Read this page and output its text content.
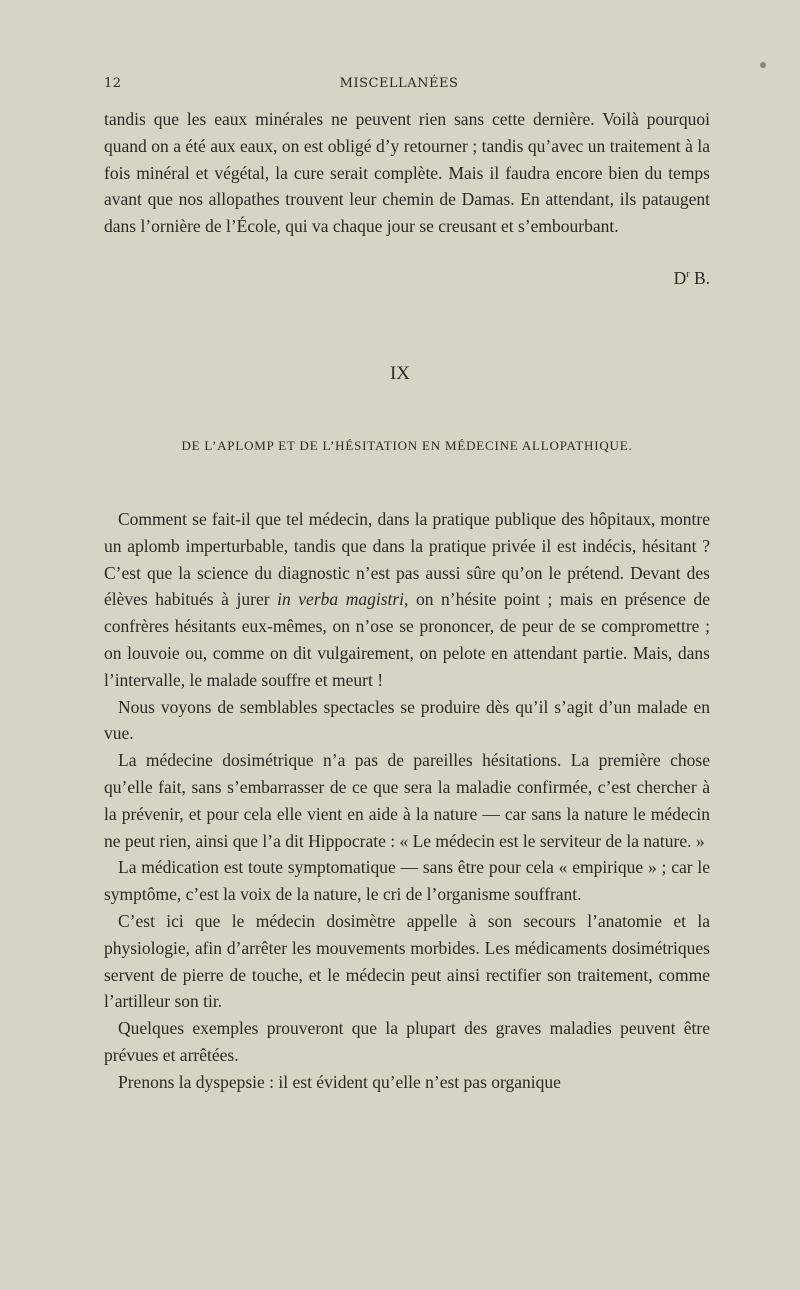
12	MISCELLANÉES

tandis que les eaux minérales ne peuvent rien sans cette dernière. Voilà pourquoi quand on a été aux eaux, on est obligé d’y retourner ; tandis qu’avec un traitement à la fois minéral et végétal, la cure serait complète. Mais il faudra encore bien du temps avant que nos allopathes trouvent leur chemin de Damas. En attendant, ils pataugent dans l’ornière de l’École, qui va chaque jour se creusant et s’embourbant.

$D^r$ B.
IX
DE L’APLOMP ET DE L’HÉSITATION EN MÉDECINE ALLOPATHIQUE.

Comment se fait-il que tel médecin, dans la pratique publique des hôpitaux, montre un aplomb imperturbable, tandis que dans la pratique privée il est indécis, hésitant ? C’est que la science du diagnostic n’est pas aussi sûre qu’on le prétend. Devant des élèves habitués à jurer in verba magistri, on n’hésite point ; mais en présence de confrères hésitants eux-mêmes, on n’ose se prononcer, de peur de se compromettre ; on louvoie ou, comme on dit vulgairement, on pelote en attendant partie. Mais, dans l’intervalle, le malade souffre et meurt !

Nous voyons de semblables spectacles se produire dès qu’il s’agit d’un malade en vue.

La médecine dosimétrique n’a pas de pareilles hésitations. La première chose qu’elle fait, sans s’embarrasser de ce que sera la maladie confirmée, c’est chercher à la prévenir, et pour cela elle vient en aide à la nature — car sans la nature le médecin ne peut rien, ainsi que l’a dit Hippocrate : « Le médecin est le serviteur de la nature. »

La médication est toute symptomatique — sans être pour cela « empirique » ; car le symptôme, c’est la voix de la nature, le cri de l’organisme souffrant.

C’est ici que le médecin dosimètre appelle à son secours l’anatomie et la physiologie, afin d’arrêter les mouvements morbides. Les médicaments dosimétriques servent de pierre de touche, et le médecin peut ainsi rectifier son traitement, comme l’artilleur son tir.

Quelques exemples prouveront que la plupart des graves maladies peuvent être prévues et arrêtées.

Prenons la dyspepsie : il est évident qu’elle n’est pas organique
